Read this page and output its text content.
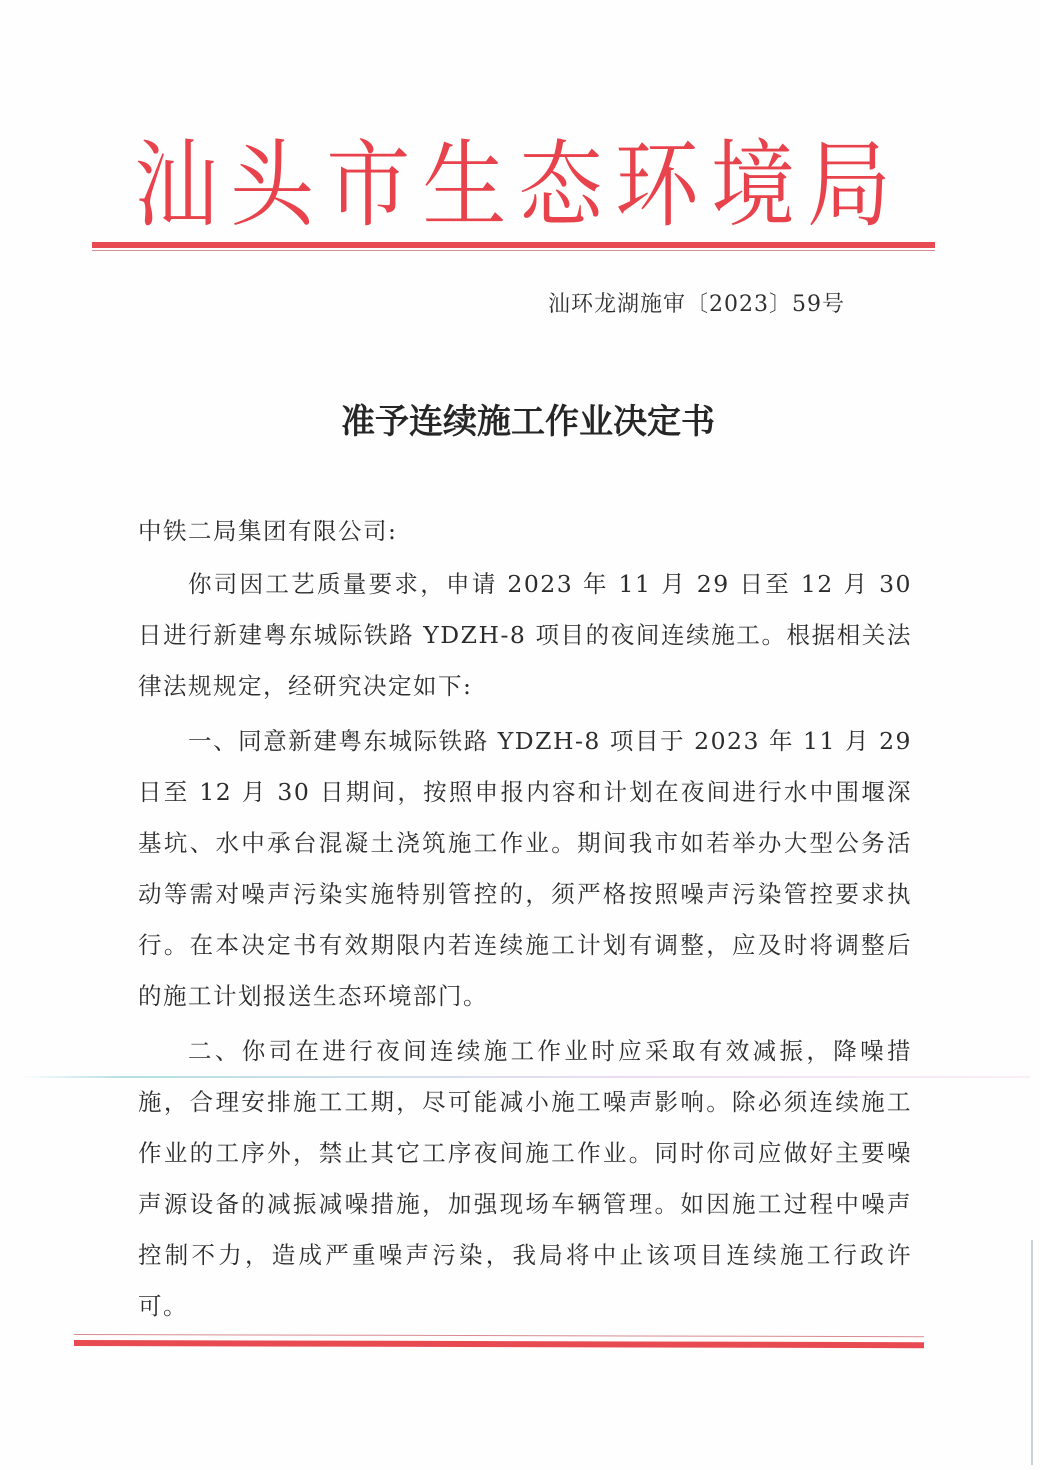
汕 头 市 生 态 环 境 局
汕环龙湖施审〔2023〕59号
准予连续施工作业决定书

中铁二局集团有限公司:

你司因工艺质量要求，申请 2023 年 11 月 29 日至 12 月 30 日进行新建粤东城际铁路 YDZH-8 项目的夜间连续施工。根据相关法律法规规定，经研究决定如下:

一、同意新建粤东城际铁路 YDZH-8 项目于 2023 年 11 月 29 日至 12 月 30 日期间，按照申报内容和计划在夜间进行水中围堰深基坑、水中承台混凝土浇筑施工作业。期间我市如若举办大型公务活动等需对噪声污染实施特别管控的，须严格按照噪声污染管控要求执行。在本决定书有效期限内若连续施工计划有调整，应及时将调整后的施工计划报送生态环境部门。

二、你司在进行夜间连续施工作业时应采取有效减振，降噪措施，合理安排施工工期，尽可能减小施工噪声影响。除必须连续施工作业的工序外，禁止其它工序夜间施工作业。同时你司应做好主要噪声源设备的减振减噪措施，加强现场车辆管理。如因施工过程中噪声控制不力，造成严重噪声污染，我局将中止该项目连续施工行政许可。
